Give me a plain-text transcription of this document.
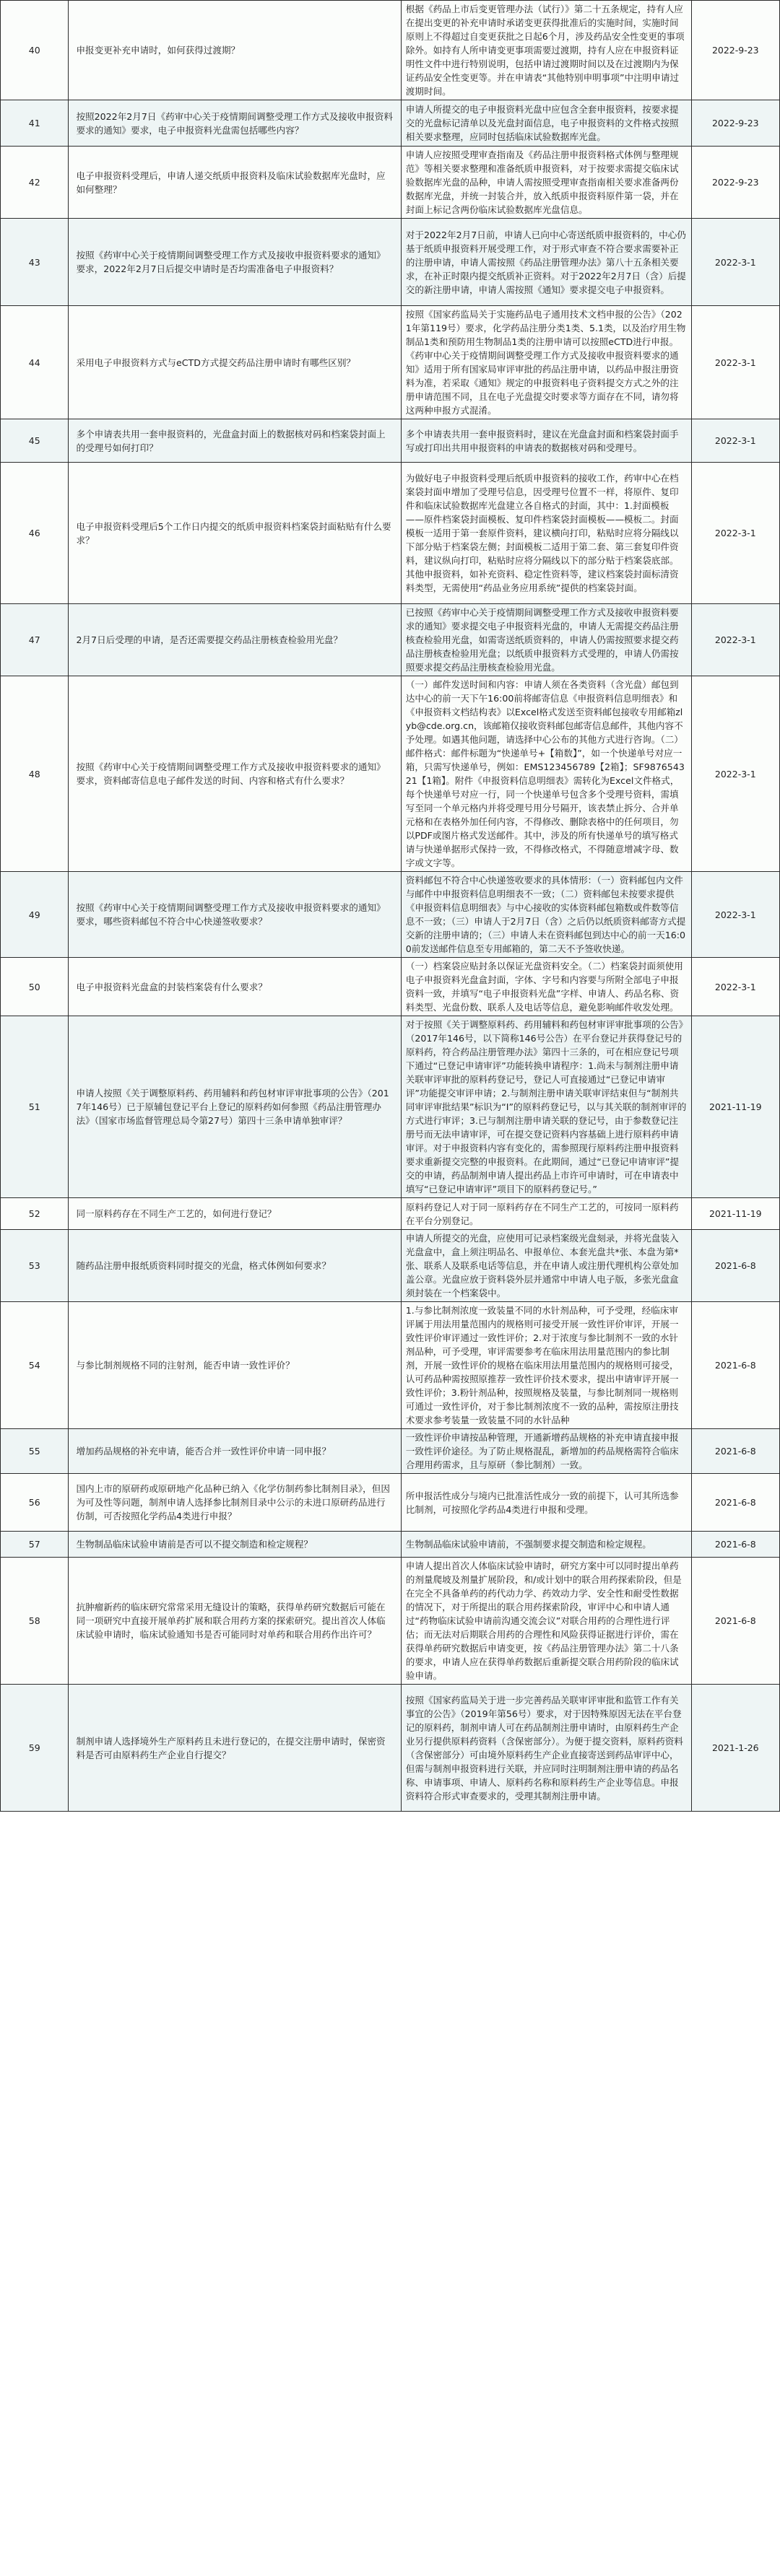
40	申报变更补充申请时，如何获得过渡期？	根据《药品上市后变更管理办法（试行）》第二十五条规定，持有人应在提出变更的补充申请时承诺变更获得批准后的实施时间，实施时间原则上不得超过自变更获批之日起6个月，涉及药品安全性变更的事项除外。如持有人所申请变更事项需要过渡期，持有人应在申报资料证明性文件中进行特别说明，包括申请过渡期时间以及在过渡期内为保证药品安全性变更等。并在申请表“其他特别申明事项”中注明申请过渡期时间。	2022-9-23
41	按照2022年2月7日《药审中心关于疫情期间调整受理工作方式及接收申报资料要求的通知》要求，电子申报资料光盘需包括哪些内容？	申请人所提交的电子申报资料光盘中应包含全套申报资料，按要求提交的光盘标记清单以及光盘封面信息，电子申报资料的文件格式按照相关要求整理，应同时包括临床试验数据库光盘。	2022-9-23
42	电子申报资料受理后，申请人递交纸质申报资料及临床试验数据库光盘时，应如何整理？	申请人应按照受理审查指南及《药品注册申报资料格式体例与整理规范》等相关要求整理和准备纸质申报资料，对于按要求需提交临床试验数据库光盘的品种，申请人需按照受理审查指南相关要求准备两份数据库光盘，并统一封装合并，放入纸质申报资料原件第一袋，并在封面上标记含两份临床试验数据库光盘信息。	2022-9-23
43	按照《药审中心关于疫情期间调整受理工作方式及接收申报资料要求的通知》要求，2022年2月7日后提交申请时是否均需准备电子申报资料？	对于2022年2月7日前，申请人已向中心寄送纸质申报资料的，中心仍基于纸质申报资料开展受理工作，对于形式审查不符合要求需要补正的注册申请，申请人需按照《药品注册管理办法》第八十五条相关要求，在补正时限内提交纸质补正资料。对于2022年2月7日（含）后提交的新注册申请，申请人需按照《通知》要求提交电子申报资料。	2022-3-1
44	采用电子申报资料方式与eCTD方式提交药品注册申请时有哪些区别？	按照《国家药监局关于实施药品电子通用技术文档申报的公告》（2021年第119号）要求，化学药品注册分类1类、5.1类，以及治疗用生物制品1类和预防用生物制品1类的注册申请可以按照eCTD进行申报。《药审中心关于疫情期间调整受理工作方式及接收申报资料要求的通知》适用于所有国家局审评审批的药品注册申请，以药品申报注册资料为准，若采取《通知》规定的申报资料电子资料提交方式之外的注册申请范围不同，且在电子光盘提交时要求等方面存在不同，请勿将这两种申报方式混淆。	2022-3-1
45	多个申请表共用一套申报资料的，光盘盒封面上的数据核对码和档案袋封面上的受理号如何打印？	多个申请表共用一套申报资料时，建议在光盘盒封面和档案袋封面手写或打印出共用申报资料的申请表的数据核对码和受理号。	2022-3-1
46	电子申报资料受理后5个工作日内提交的纸质申报资料档案袋封面粘贴有什么要求？	为做好电子申报资料受理后纸质申报资料的接收工作，药审中心在档案袋封面申增加了受理号信息，因受理号位置不一样，将原件、复印件和临床试验数据库光盘建立各自格式的封面，其中：1.封面模板——原件档案袋封面模板、复印件档案袋封面模板——模板二。封面模板一适用于第一套原件资料，建议横向打印，粘贴时应将分隔线以下部分贴于档案袋左侧；封面模板二适用于第二套、第三套复印件资料，建议纵向打印，粘贴时应将分隔线以下的部分贴于档案袋底部。其他申报资料，如补充资料、稳定性资料等，建议档案袋封面标清资料类型，无需使用“药品业务应用系统”提供的档案袋封面。	2022-3-1
47	2月7日后受理的申请，是否还需要提交药品注册核查检验用光盘？	已按照《药审中心关于疫情期间调整受理工作方式及接收申报资料要求的通知》要求提交电子申报资料光盘的，申请人无需提交药品注册核查检验用光盘，如需寄送纸质资料的，申请人仍需按照要求提交药品注册核查检验用光盘；以纸质申报资料方式受理的，申请人仍需按照要求提交药品注册核查检验用光盘。	2022-3-1
48	按照《药审中心关于疫情期间调整受理工作方式及接收申报资料要求的通知》要求，资料邮寄信息电子邮件发送的时间、内容和格式有什么要求？	（一）邮件发送时间和内容：申请人须在各类资料（含光盘）邮包到达中心的前一天下午16:00前将邮寄信息《申报资料信息明细表》和《申报资料文档结构表》以Excel格式发送至资料邮包接收专用邮箱zlyb@cde.org.cn，该邮箱仅接收资料邮包邮寄信息邮件，其他内容不予处理。如遇其他问题，请选择中心公布的其他方式进行咨询。（二）邮件格式：邮件标题为“快递单号+【箱数】”，如一个快递单号对应一箱，只需写快递单号，例如：EMS123456789【2箱】；SF987654321【1箱】。附件《申报资料信息明细表》需转化为Excel文件格式，每个快递单号对应一行，同一个快递单号包含多个受理号资料，需填写至同一个单元格内并将受理号用分号隔开，该表禁止拆分、合并单元格和在表格外加任何内容，不得修改、删除表格中的任何项目，勿以PDF或图片格式发送邮件。其中，涉及的所有快递单号的填写格式请与快递单据形式保持一致，不得修改格式，不得随意增减字母、数字或文字等。	2022-3-1
49	按照《药审中心关于疫情期间调整受理工作方式及接收申报资料要求的通知》要求，哪些资料邮包不符合中心快递签收要求？	资料邮包不符合中心快递签收要求的具体情形：（一）资料邮包内文件与邮件中申报资料信息明细表不一致；（二）资料邮包未按要求提供《申报资料信息明细表》与中心接收的实体资料邮包箱数或件数等信息不一致；（三）申请人于2月7日（含）之后仍以纸质资料邮寄方式提交新的注册申请的；（三）申请人未在资料邮包到达中心的前一天16:00前发送邮件信息至专用邮箱的，第二天不予签收快递。	2022-3-1
50	电子申报资料光盘盒的封装档案袋有什么要求？	（一）档案袋应贴封条以保证光盘资料安全。（二）档案袋封面须使用电子申报资料光盘盒封面，字体、字号和内容要与所附全部电子申报资料一致，并填写“电子申报资料光盘”字样、申请人、药品名称、资料类型、光盘份数、联系人及电话等信息，避免影响邮件收发处理。	2022-3-1
51	申请人按照《关于调整原料药、药用辅料和药包材审评审批事项的公告》（2017年146号）已于原辅包登记平台上登记的原料药如何参照《药品注册管理办法》（国家市场监督管理总局令第27号）第四十三条申请单独审评？	对于按照《关于调整原料药、药用辅料和药包材审评审批事项的公告》（2017年146号，以下简称146号公告）在平台登记并获得登记号的原料药，符合药品注册管理办法》第四十三条的，可在相应登记号项下通过“已登记申请审评”功能转换申请程序：1.尚未与制剂注册申请关联审评审批的原料药登记号，登记人可直接通过“已登记申请审评”功能提交审评申请；2.与制剂注册申请关联审评结束但与“制剂共同审评审批结果”标识为“I”的原料药登记号，以与其关联的制剂审评的方式进行审评；3.已与制剂注册申请关联的登记号，由于参数登记注册号而无法申请审评，可在提交登记资料内容基础上进行原料药申请审评。对于申报资料内容有变化的，需参照现行原料药注册申报资料要求重新提交完整的申报资料。在此期间，通过“已登记申请审评”提交的申请，药品制剂申请人提出药品上市许可申请时，可在申请表中填写“已登记申请审评”项目下的原料药登记号。”	2021-11-19
52	同一原料药存在不同生产工艺的，如何进行登记？	原料药登记人对于同一原料药存在不同生产工艺的，可按同一原料药在平台分别登记。	2021-11-19
53	随药品注册申报纸质资料同时提交的光盘，格式体例如何要求？	申请人所提交的光盘，应使用可记录档案级光盘刻录，并将光盘装入光盘盒中，盒上须注明品名、申报单位、本套光盘共*张、本盘为第*张、联系人及联系电话等信息，并在申请人或注册代理机构公章处加盖公章。光盘应放于资料袋外层并通常中申请人电子版，多张光盘盒须封装在一个档案袋中。	2021-6-8
54	与参比制剂规格不同的注射剂，能否申请一致性评价？	1.与参比制剂浓度一致装量不同的水针剂品种，可予受理，经临床审评属于用法用量范围内的规格则可接受开展一致性评价审评，开展一致性评价审评通过一致性评价；2.对于浓度与参比制剂不一致的水针剂品种，可予受理，审评需要参考在临床用法用量范围内的参比制剂，开展一致性评价的规格在临床用法用量范围内的规格则可接受，认可药品种需按照原推荐一致性评价技术要求，提出申请审评开展一致性评价；3.粉针剂品种，按照规格及装量，与参比制剂同一规格则可通过一致性评价，对于参比制剂浓度不一致的品种，需按原注册技术要求参考装量一致装量不同的水针品种	2021-6-8
55	增加药品规格的补充申请，能否合并一致性评价申请一同申报？	一致性评价申请按品种管理，开通新增药品规格的补充申请直接申报一致性评价途径。为了防止规格混乱，新增加的药品规格需符合临床合理用药需求，且与原研（参比制剂）一致。	2021-6-8
56	国内上市的原研药或原研地产化品种已纳入《化学仿制药参比制剂目录》，但因为可及性等问题，制剂申请人选择参比制剂目录中公示的未进口原研药品进行仿制，可否按照化学药品4类进行申报？	所申报活性成分与境内已批准活性成分一致的前提下，认可其所选参比制剂，可按照化学药品4类进行申报和受理。	2021-6-8
57	生物制品临床试验申请前是否可以不提交制造和检定规程？	生物制品临床试验申请前，不强制要求提交制造和检定规程。	2021-6-8
58	抗肿瘤新药的临床研究常常采用无缝设计的策略，获得单药研究数据后可能在同一项研究中直接开展单药扩展和联合用药方案的探索研究。提出首次人体临床试验申请时，临床试验通知书是否可能同时对单药和联合用药作出许可？	申请人提出首次人体临床试验申请时，研究方案中可以同时提出单药的剂量爬坡及剂量扩展阶段，和/或计划中的联合用药探索阶段，但是在完全不具备单药的药代动力学、药效动力学、安全性和耐受性数据的情况下，对于所提出的联合用药探索阶段，审评中心和申请人通过“药物临床试验申请前沟通交流会议”对联合用药的合理性进行评估；而无法对后期联合用药的合理性和风险获得证据进行评价，需在获得单药研究数据后申请变更，按《药品注册管理办法》第二十八条的要求，申请人应在获得单药数据后重新提交联合用药阶段的临床试验申请。	2021-6-8
59	制剂申请人选择境外生产原料药且未进行登记的，在提交注册申请时，保密资料是否可由原料药生产企业自行提交？	按照《国家药监局关于进一步完善药品关联审评审批和监管工作有关事宜的公告》（2019年第56号）要求，对于因特殊原因无法在平台登记的原料药，制剂申请人可在药品制剂注册申请时，由原料药生产企业另行提供原料药资料（含保密部分）。为便于提交资料，原料药资料（含保密部分）可由境外原料药生产企业直接寄送到药品审评中心，但需与制剂申报资料进行关联，并应同时注明制剂注册申请的药品名称、申请事项、申请人、原料药名称和原料药生产企业等信息。申报资料符合形式审查要求的，受理其制剂注册申请。	2021-1-26
